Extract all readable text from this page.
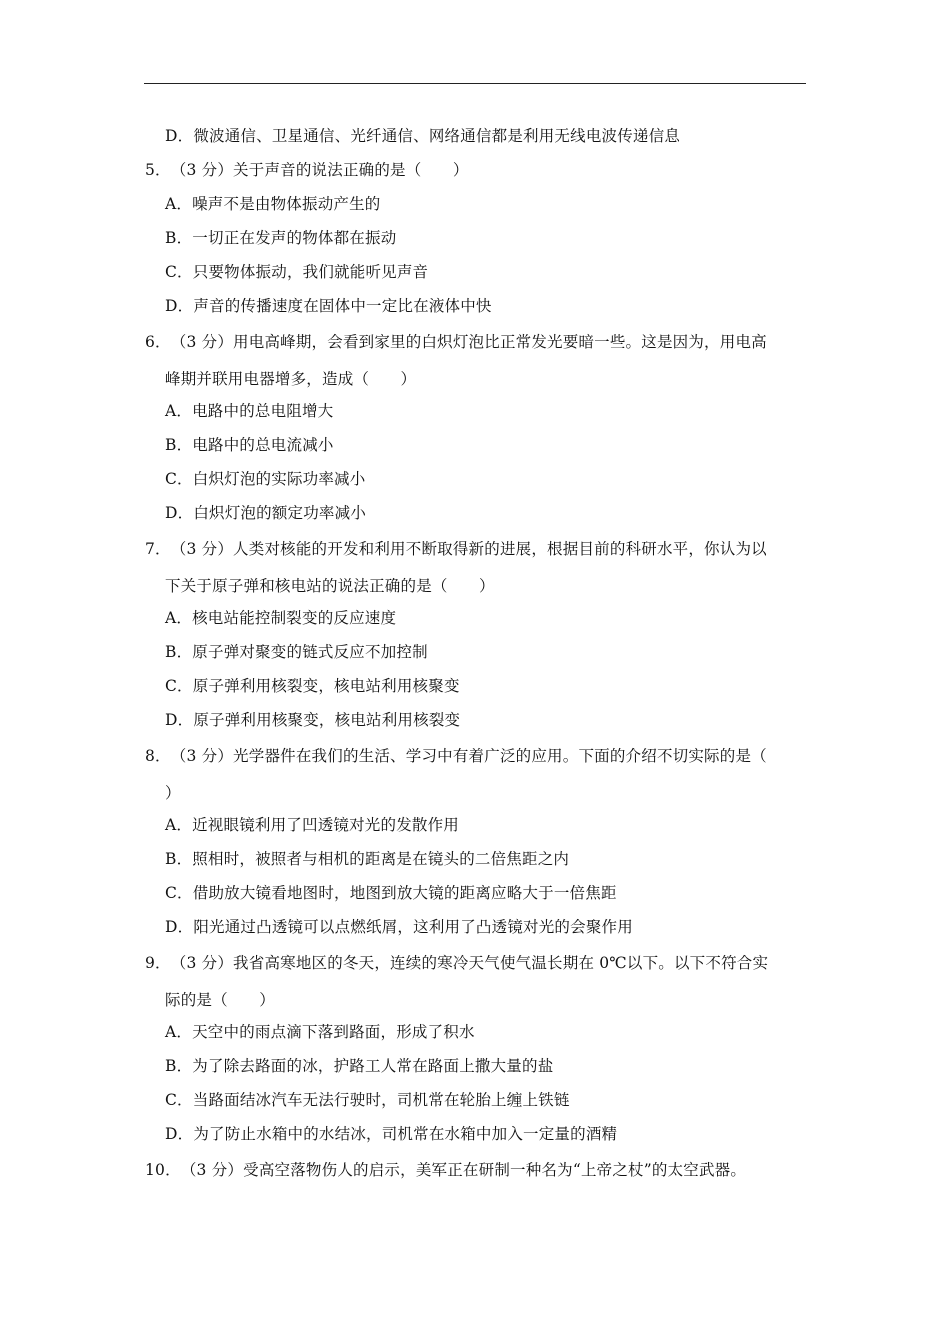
D．微波通信、卫星通信、光纤通信、网络通信都是利用无线电波传递信息
5．（3 分）关于声音的说法正确的是（　　）
A．噪声不是由物体振动产生的
B．一切正在发声的物体都在振动
C．只要物体振动，我们就能听见声音
D．声音的传播速度在固体中一定比在液体中快
6．（3 分）用电高峰期，会看到家里的白炽灯泡比正常发光要暗一些。这是因为，用电高
峰期并联用电器增多，造成（　　）
A．电路中的总电阻增大
B．电路中的总电流减小
C．白炽灯泡的实际功率减小
D．白炽灯泡的额定功率减小
7．（3 分）人类对核能的开发和利用不断取得新的进展，根据目前的科研水平，你认为以
下关于原子弹和核电站的说法正确的是（　　）
A．核电站能控制裂变的反应速度
B．原子弹对聚变的链式反应不加控制
C．原子弹利用核裂变，核电站利用核聚变
D．原子弹利用核聚变，核电站利用核裂变
8．（3 分）光学器件在我们的生活、学习中有着广泛的应用。下面的介绍不切实际的是（
）
A．近视眼镜利用了凹透镜对光的发散作用
B．照相时，被照者与相机的距离是在镜头的二倍焦距之内
C．借助放大镜看地图时，地图到放大镜的距离应略大于一倍焦距
D．阳光通过凸透镜可以点燃纸屑，这利用了凸透镜对光的会聚作用
9．（3 分）我省高寒地区的冬天，连续的寒冷天气使气温长期在 0℃以下。以下不符合实
际的是（　　）
A．天空中的雨点滴下落到路面，形成了积水
B．为了除去路面的冰，护路工人常在路面上撒大量的盐
C．当路面结冰汽车无法行驶时，司机常在轮胎上缠上铁链
D．为了防止水箱中的水结冰，司机常在水箱中加入一定量的酒精
10．（3 分）受高空落物伤人的启示，美军正在研制一种名为“上帝之杖”的太空武器。
